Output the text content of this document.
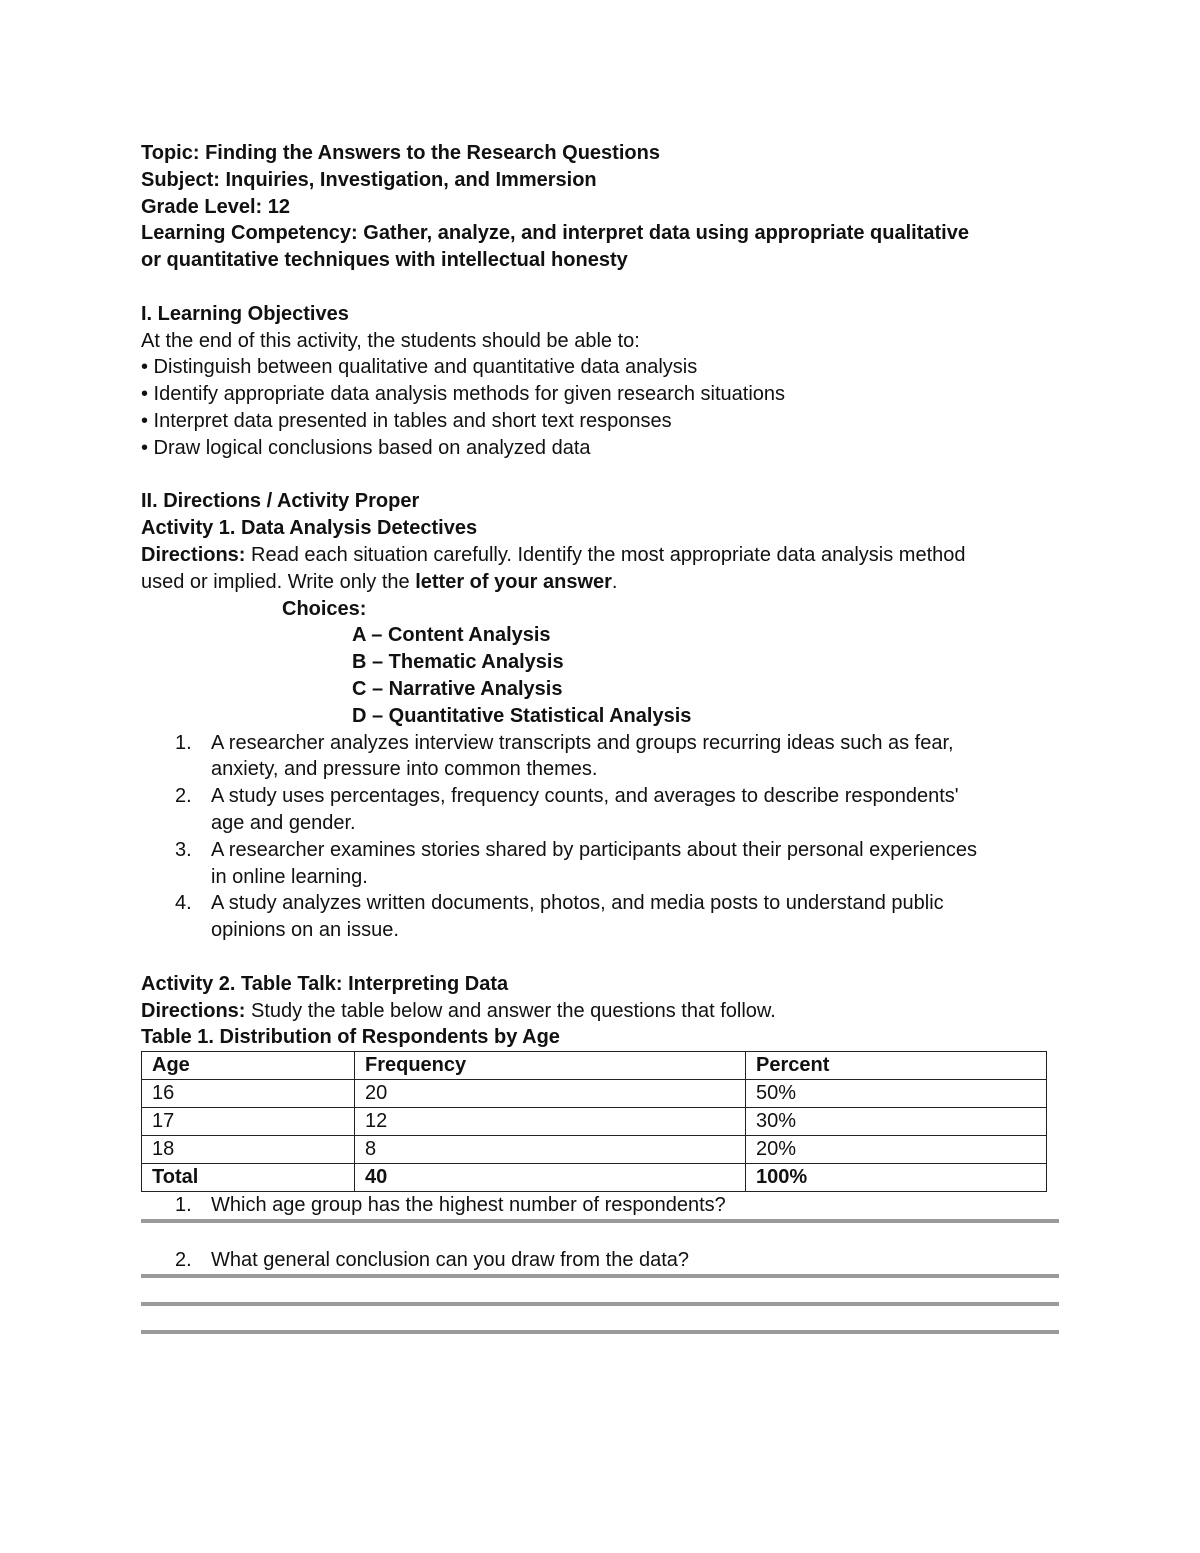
Topic: Finding the Answers to the Research Questions
Subject: Inquiries, Investigation, and Immersion
Grade Level: 12
Learning Competency: Gather, analyze, and interpret data using appropriate qualitative
or quantitative techniques with intellectual honesty
I. Learning Objectives
At the end of this activity, the students should be able to:
• Distinguish between qualitative and quantitative data analysis
• Identify appropriate data analysis methods for given research situations
• Interpret data presented in tables and short text responses
• Draw logical conclusions based on analyzed data
II. Directions / Activity Proper
Activity 1. Data Analysis Detectives
Directions: Read each situation carefully. Identify the most appropriate data analysis method
used or implied. Write only the letter of your answer.
Choices:
A – Content Analysis
B – Thematic Analysis
C – Narrative Analysis
D – Quantitative Statistical Analysis
1. A researcher analyzes interview transcripts and groups recurring ideas such as fear,
anxiety, and pressure into common themes.
2. A study uses percentages, frequency counts, and averages to describe respondents'
age and gender.
3. A researcher examines stories shared by participants about their personal experiences
in online learning.
4. A study analyzes written documents, photos, and media posts to understand public
opinions on an issue.
Activity 2. Table Talk: Interpreting Data
Directions: Study the table below and answer the questions that follow.
Table 1. Distribution of Respondents by Age
Age	Frequency	Percent
16	20	50%
17	12	30%
18	8	20%
Total	40	100%
1. Which age group has the highest number of respondents?
2. What general conclusion can you draw from the data?
